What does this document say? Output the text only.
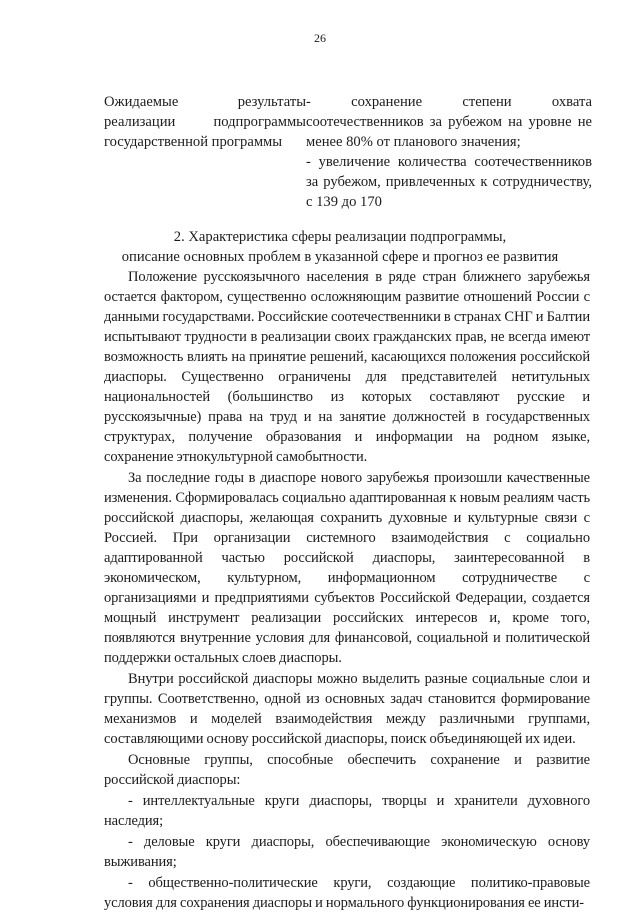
26
Ожидаемые результаты реализации подпрограммы государственной программы

- сохранение степени охвата соотечественников за рубежом на уровне не менее 80% от планового значения;

- увеличение количества соотечественников за рубежом, привлеченных к сотрудничеству, с 139 до 170

2. Характеристика сферы реализации подпрограммы,
описание основных проблем в указанной сфере и прогноз ее развития

Положение русскоязычного населения в ряде стран ближнего зарубежья остается фактором, существенно осложняющим развитие отношений России с данными государствами. Российские соотечественники в странах СНГ и Балтии испытывают трудности в реализации своих гражданских прав, не всегда имеют возможность влиять на принятие решений, касающихся положения российской диаспоры. Существенно ограничены для представителей нетитульных национальностей (большинство из которых составляют русские и русскоязычные) права на труд и на занятие должностей в государственных структурах, получение образования и информации на родном языке, сохранение этнокультурной самобытности.

За последние годы в диаспоре нового зарубежья произошли качественные изменения. Сформировалась социально адаптированная к новым реалиям часть российской диаспоры, желающая сохранить духовные и культурные связи с Россией. При организации системного взаимодействия с социально адаптированной частью российской диаспоры, заинтересованной в экономическом, культурном, информационном сотрудничестве с организациями и предприятиями субъектов Российской Федерации, создается мощный инструмент реализации российских интересов и, кроме того, появляются внутренние условия для финансовой, социальной и политической поддержки остальных слоев диаспоры.

Внутри российской диаспоры можно выделить разные социальные слои и группы. Соответственно, одной из основных задач становится формирование механизмов и моделей взаимодействия между различными группами, составляющими основу российской диаспоры, поиск объединяющей их идеи.

Основные группы, способные обеспечить сохранение и развитие российской диаспоры:

- интеллектуальные круги диаспоры, творцы и хранители духовного наследия;

- деловые круги диаспоры, обеспечивающие экономическую основу выживания;

- общественно-политические круги, создающие политико-правовые условия для сохранения диаспоры и нормального функционирования ее инсти-
